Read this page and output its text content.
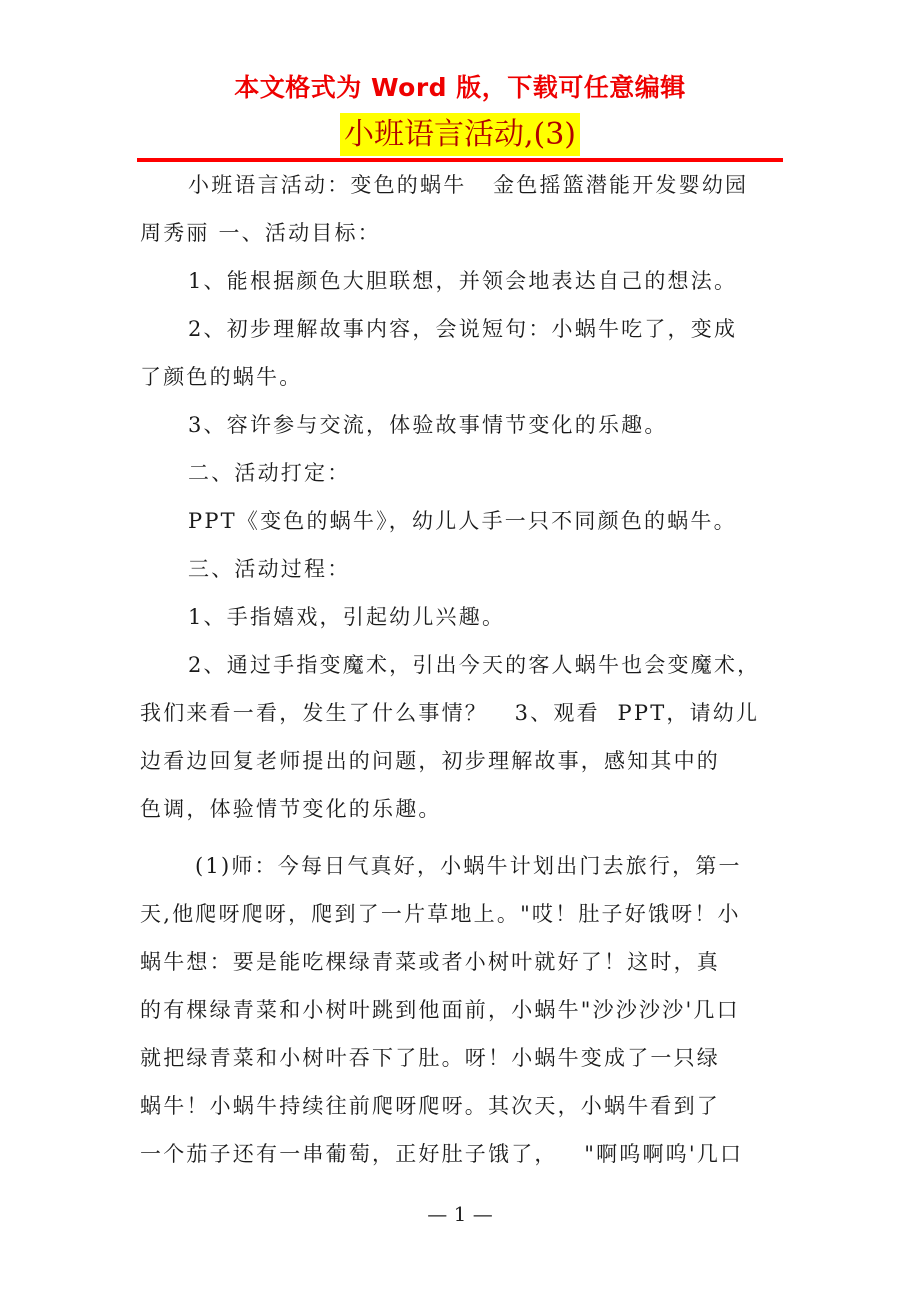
本文格式为 Word 版，下载可任意编辑
小班语言活动,(3)
小班语言活动：变色的蜗牛   金色摇篮潜能开发婴幼园
周秀丽 一、活动目标：
1、能根据颜色大胆联想，并领会地表达自己的想法。
2、初步理解故事内容，会说短句：小蜗牛吃了，变成
了颜色的蜗牛。
3、容许参与交流，体验故事情节变化的乐趣。
二、活动打定：
PPT《变色的蜗牛》，幼儿人手一只不同颜色的蜗牛。
三、活动过程：
1、手指嬉戏，引起幼儿兴趣。
2、通过手指变魔术，引出今天的客人蜗牛也会变魔术，
我们来看一看，发生了什么事情？   3、观看  PPT，请幼儿
边看边回复老师提出的问题，初步理解故事，感知其中的
色调，体验情节变化的乐趣。
(1)师：今每日气真好，小蜗牛计划出门去旅行，第一
天,他爬呀爬呀，爬到了一片草地上。"哎！肚子好饿呀！小
蜗牛想：要是能吃棵绿青菜或者小树叶就好了！这时，真
的有棵绿青菜和小树叶跳到他面前，小蜗牛"沙沙沙沙'几口
就把绿青菜和小树叶吞下了肚。呀！小蜗牛变成了一只绿
蜗牛！小蜗牛持续往前爬呀爬呀。其次天，小蜗牛看到了
一个茄子还有一串葡萄，正好肚子饿了，   "啊呜啊呜'几口
— 1 —
